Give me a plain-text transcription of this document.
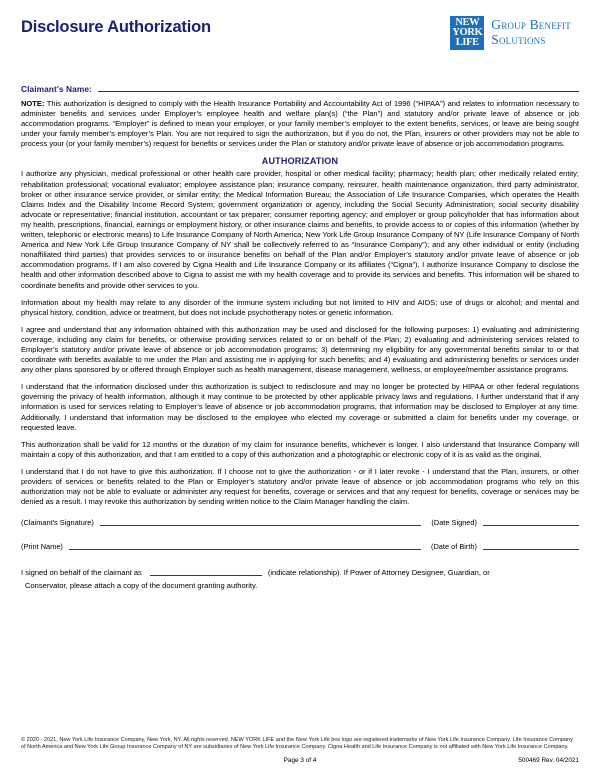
Disclosure Authorization	NEW
YORK
LIFE
Group Benefit
Solutions
Claimant's Name:

NOTE: This authorization is designed to comply with the Health Insurance Portability and Accountability Act of 1996 (“HIPAA”) and relates to information necessary to administer benefits and services under Employer’s employee health and welfare plan(s) (“the Plan”) and statutory and/or private leave of absence or job accommodation programs. “Employer” is defined to mean your employer, or your family member’s employer to the extent benefits, services, or leave are being sought under your family member’s employer’s Plan. You are not required to sign the authorization, but if you do not, the Plan, insurers or other providers may not be able to process your (or your family member’s) request for benefits or services under the Plan or statutory and/or private leave of absence or job accommodation programs.

AUTHORIZATION

I authorize any physician, medical professional or other health care provider, hospital or other medical facility; pharmacy; health plan; other medically related entity; rehabilitation professional; vocational evaluator; employee assistance plan; insurance company, reinsurer, health maintenance organization, third party administrator, broker or other insurance service provider, or similar entity; the Medical Information Bureau; the Association of Life Insurance Companies, which operates the Health Claims Index and the Disability Income Record System; government organization or agency, including the Social Security Administration; social security disability advocate or representative; financial institution, accountant or tax preparer; consumer reporting agency; and employer or group policyholder that has information about my health, prescriptions, financial, earnings or employment history, or other insurance claims and benefits, to provide access to or copies of this information (whether by written, telephonic or electronic means) to Life Insurance Company of North America; New York Life Group Insurance Company of NY (Life Insurance Company of North America and New York Life Group Insurance Company of NY shall be collectively referred to as “Insurance Company”); and any other individual or entity (including nonaffiliated third parties) that provides services to or insurance benefits on behalf of the Plan and/or Employer’s statutory and/or private leave of absence or job accommodation programs. If I am also covered by Cigna Health and Life Insurance Company or its affiliates (“Cigna”), I authorize Insurance Company to disclose the health and other information described above to Cigna to assist me with my health coverage and to provide its services and benefits. This information will be shared to coordinate benefits and provide other services to you.

Information about my health may relate to any disorder of the immune system including but not limited to HIV and AIDS; use of drugs or alcohol; and mental and physical history, condition, advice or treatment, but does not include psychotherapy notes or genetic information.

I agree and understand that any information obtained with this authorization may be used and disclosed for the following purposes: 1) evaluating and administering coverage, including any claim for benefits, or otherwise providing services related to or on behalf of the Plan; 2) evaluating and administering services related to Employer’s statutory and/or private leave of absence or job accommodation programs; 3) determining my eligibility for any governmental benefits similar to or that coordinate with benefits available to me under the Plan and assisting me in applying for such benefits; and 4) evaluating and administering benefits or services under any other plans sponsored by or offered through Employer such as health management, disease management, wellness, or employee/member assistance programs.

I understand that the information disclosed under this authorization is subject to redisclosure and may no longer be protected by HIPAA or other federal regulations governing the privacy of health information, although it may continue to be protected by other applicable privacy laws and regulations. I further understand that if any information is used for services relating to Employer’s leave of absence or job accommodation programs, that information may be disclosed to Employer at any time. Additionally, I understand that information may be disclosed to the employee who elected my coverage or submitted a claim for benefits under my coverage, or requested leave.

This authorization shall be valid for 12 months or the duration of my claim for insurance benefits, whichever is longer. I also understand that Insurance Company will maintain a copy of this authorization, and that I am entitled to a copy of this authorization and a photographic or electronic copy of it is as valid as the original.

I understand that I do not have to give this authorization. If I choose not to give the authorization - or if I later revoke - I understand that the Plan, insurers, or other providers of services or benefits related to the Plan or Employer’s statutory and/or private leave of absence or job accommodation programs who rely on this authorization may not be able to evaluate or administer any request for benefits, coverage or services and that any request for benefits, coverage or services may be denied as a result. I may revoke this authorization by sending written notice to the Claim Manager handling the claim.

(Claimant's Signature)	(Date Signed)
(Print Name)	(Date of Birth)

I signed on behalf of the claimant as	(indicate relationship). If Power of Attorney Designee, Guardian, or

Conservator, please attach a copy of the document granting authority.

© 2020 - 2021, New York Life Insurance Company, New York, NY. All rights reserved. NEW YORK LIFE and the New York Life box logo are registered trademarks of New York Life Insurance Company. Life Insurance Company of North America and New York Life Group Insurance Company of NY are subsidiaries of New York Life Insurance Company. Cigna Health and Life Insurance Company is not affiliated with New York Life Insurance Company.

Page 3 of 4	500469 Rev. 04/2021
